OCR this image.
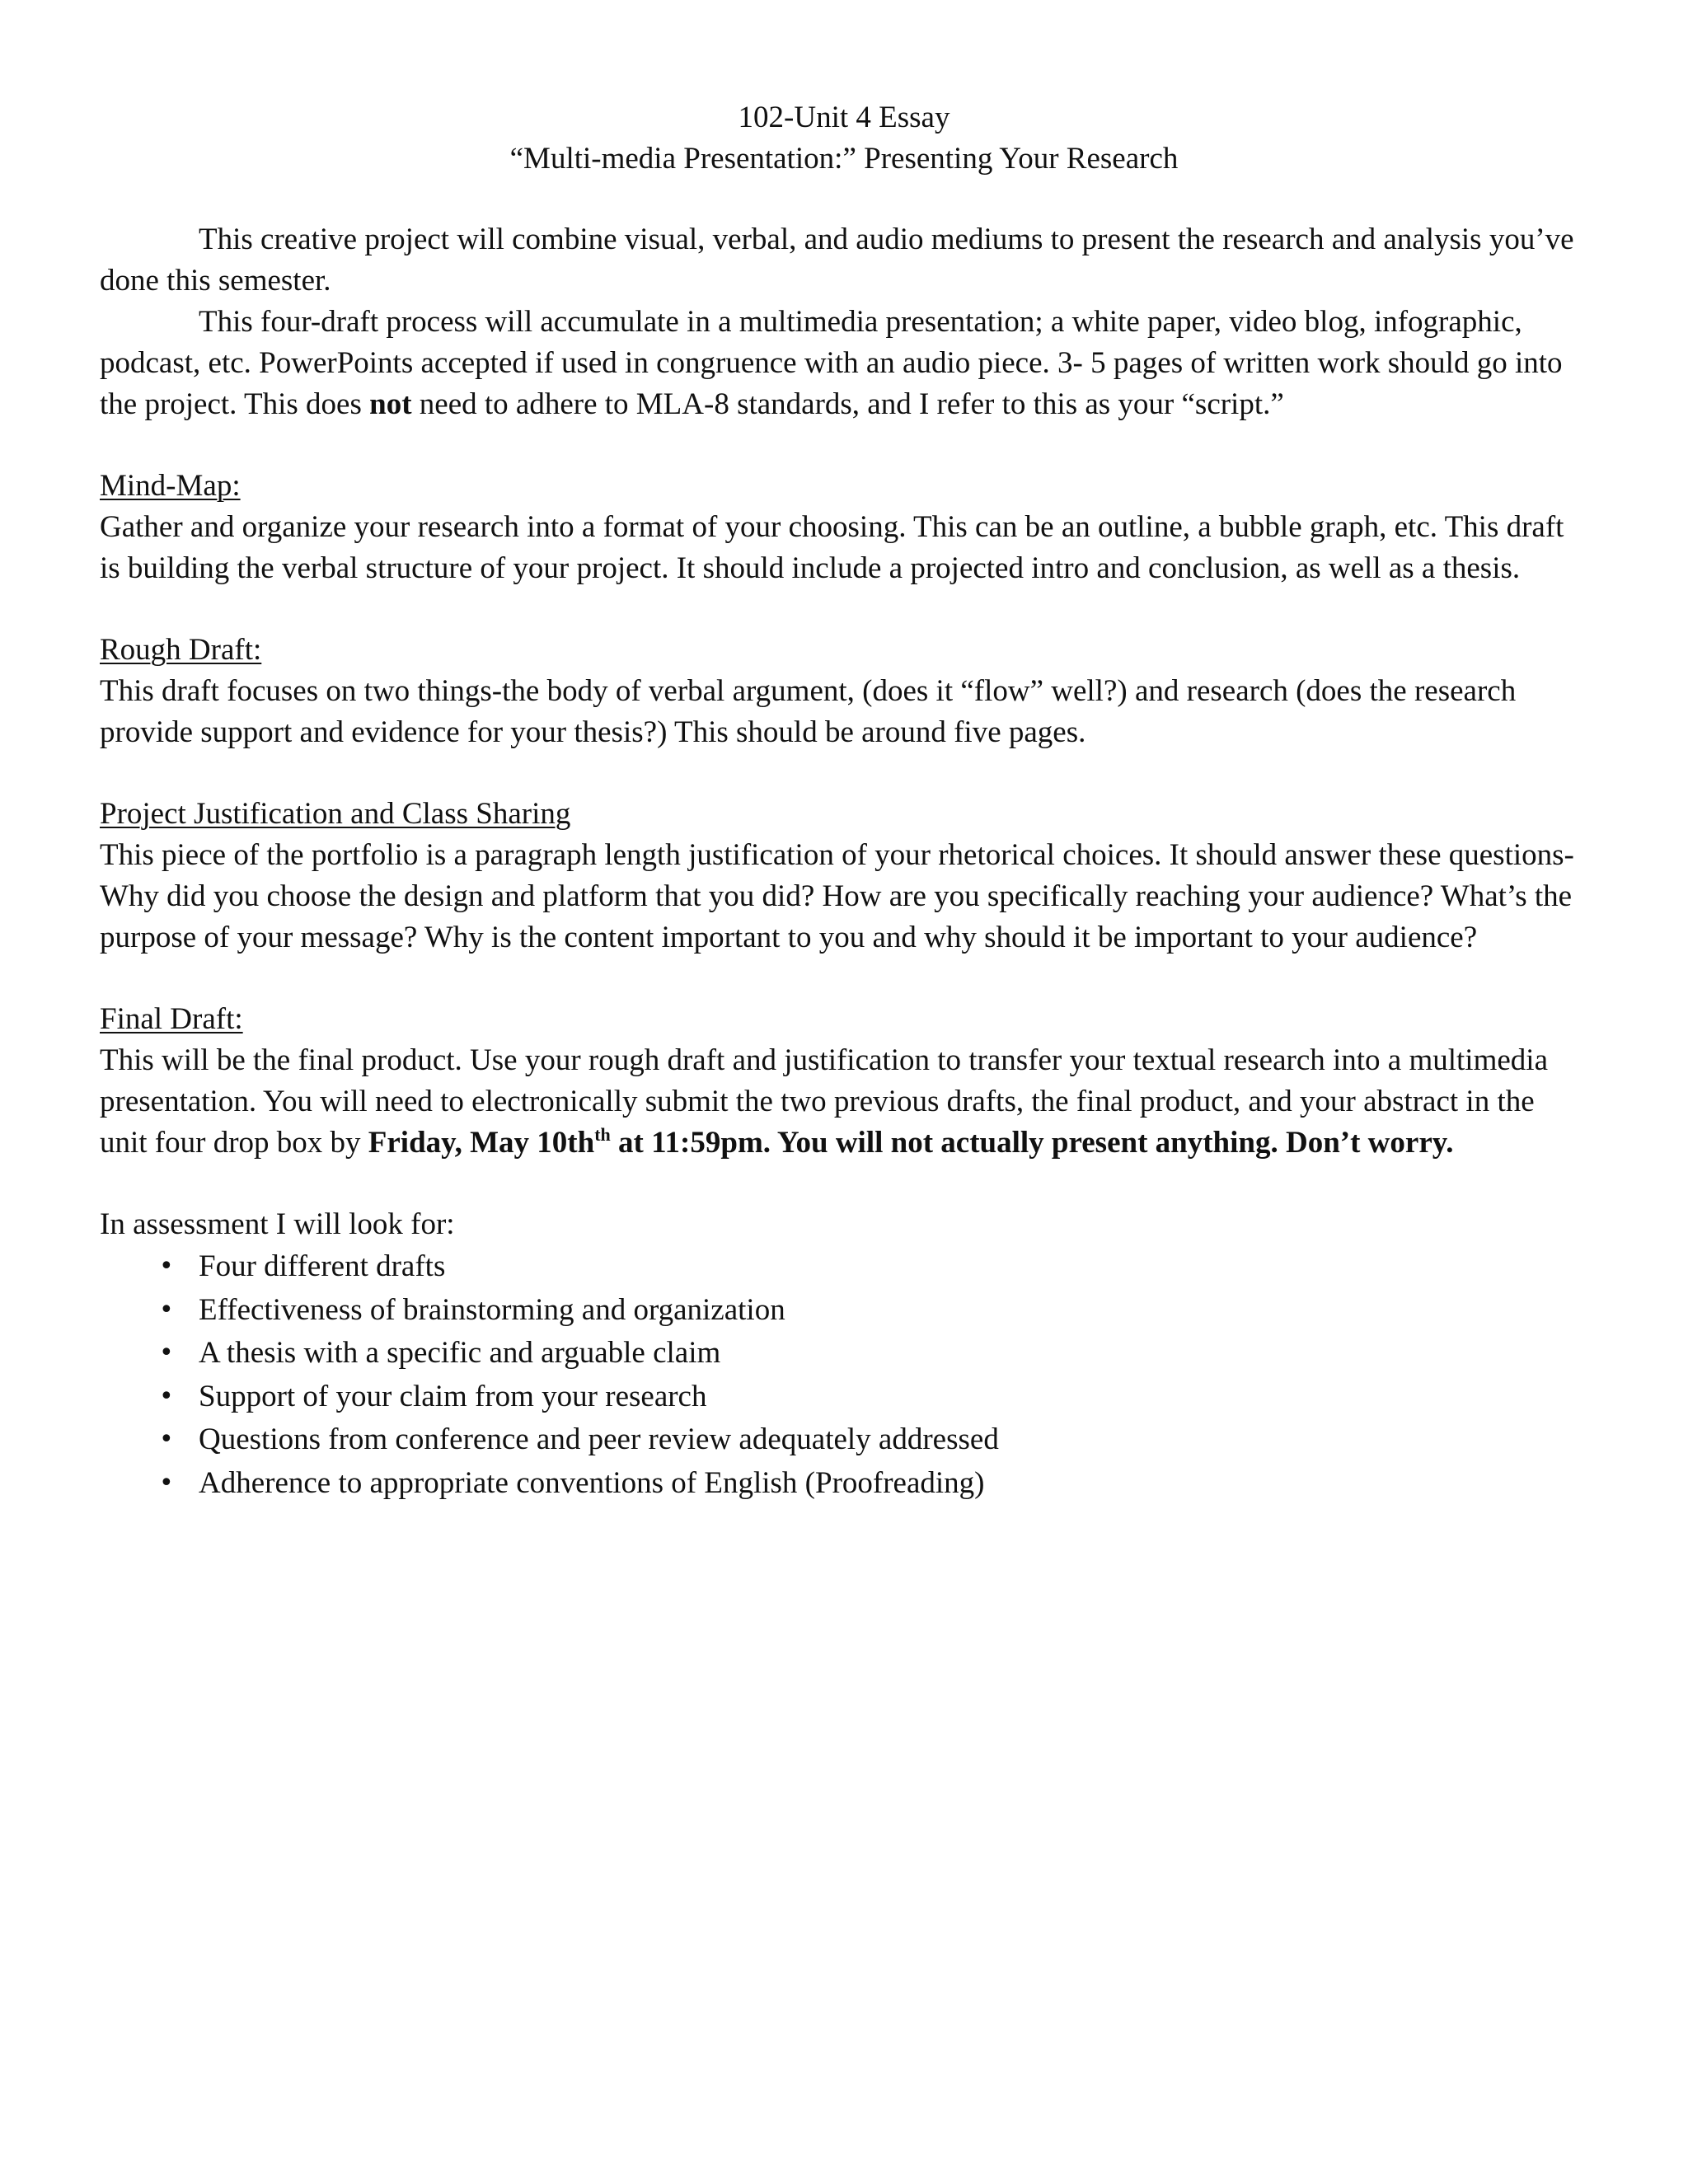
102-Unit 4 Essay
“Multi-media Presentation:” Presenting Your Research

This creative project will combine visual, verbal, and audio mediums to present the research and analysis you’ve done this semester.

This four-draft process will accumulate in a multimedia presentation; a white paper, video blog, infographic, podcast, etc. PowerPoints accepted if used in congruence with an audio piece. 3- 5 pages of written work should go into the project. This does not need to adhere to MLA-8 standards, and I refer to this as your “script.”

Mind-Map:

Gather and organize your research into a format of your choosing. This can be an outline, a bubble graph, etc. This draft is building the verbal structure of your project. It should include a projected intro and conclusion, as well as a thesis.

Rough Draft:

This draft focuses on two things-the body of verbal argument, (does it “flow” well?) and research (does the research provide support and evidence for your thesis?) This should be around five pages.

Project Justification and Class Sharing

This piece of the portfolio is a paragraph length justification of your rhetorical choices. It should answer these questions- Why did you choose the design and platform that you did? How are you specifically reaching your audience? What’s the purpose of your message? Why is the content important to you and why should it be important to your audience?

Final Draft:

This will be the final product. Use your rough draft and justification to transfer your textual research into a multimedia presentation. You will need to electronically submit the two previous drafts, the final product, and your abstract in the unit four drop box by Friday, May $10th^{th}$ at 11:59pm. You will not actually present anything. Don’t worry.

In assessment I will look for:

• Four different drafts
• Effectiveness of brainstorming and organization
• A thesis with a specific and arguable claim
• Support of your claim from your research
• Questions from conference and peer review adequately addressed
• Adherence to appropriate conventions of English (Proofreading)
